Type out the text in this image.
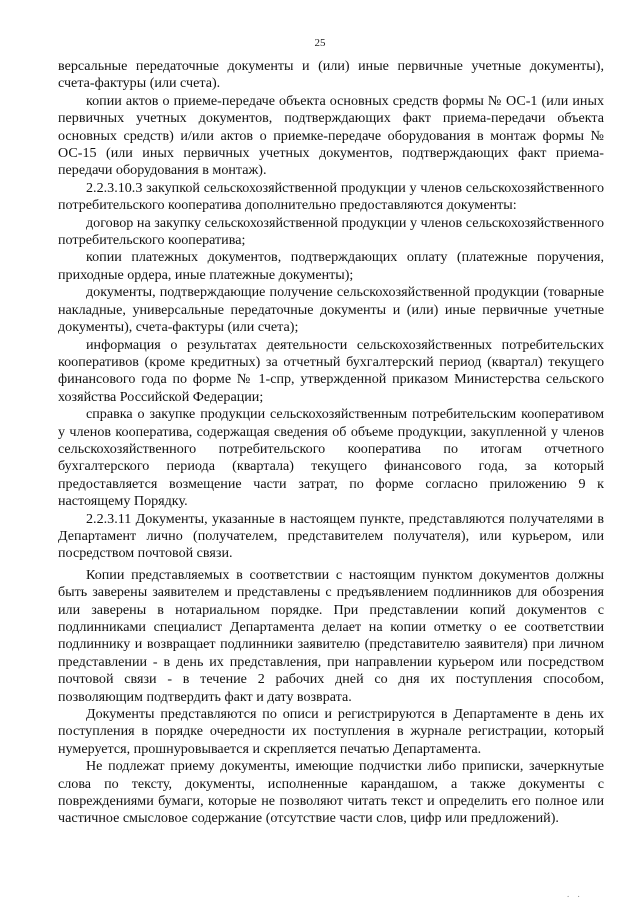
25

версальные передаточные документы и (или) иные первичные учетные документы), счета-фактуры (или счета).

копии актов о приеме-передаче объекта основных средств формы № ОС-1 (или иных первичных учетных документов, подтверждающих факт приема-передачи объекта основных средств) и/или актов о приемке-передаче оборудования в монтаж формы № ОС-15 (или иных первичных учетных документов, подтверждающих факт приема-передачи оборудования в монтаж).

2.2.3.10.3 закупкой сельскохозяйственной продукции у членов сельскохозяйственного потребительского кооператива дополнительно предоставляются документы:

договор на закупку сельскохозяйственной продукции у членов сельскохозяйственного потребительского кооператива;

копии платежных документов, подтверждающих оплату (платежные поручения, приходные ордера, иные платежные документы);

документы, подтверждающие получение сельскохозяйственной продукции (товарные накладные, универсальные передаточные документы и (или) иные первичные учетные документы), счета-фактуры (или счета);

информация о результатах деятельности сельскохозяйственных потребительских кооперативов (кроме кредитных) за отчетный бухгалтерский период (квартал) текущего финансового года по форме № 1-спр, утвержденной приказом Министерства сельского хозяйства Российской Федерации;

справка о закупке продукции сельскохозяйственным потребительским кооперативом у членов кооператива, содержащая сведения об объеме продукции, закупленной у членов сельскохозяйственного потребительского кооператива по итогам отчетного бухгалтерского периода (квартала) текущего финансового года, за который предоставляется возмещение части затрат, по форме согласно приложению 9 к настоящему Порядку.

2.2.3.11 Документы, указанные в настоящем пункте, представляются получателями в Департамент лично (получателем, представителем получателя), или курьером, или посредством почтовой связи.

Копии представляемых в соответствии с настоящим пунктом документов должны быть заверены заявителем и представлены с предъявлением подлинников для обозрения или заверены в нотариальном порядке. При представлении копий документов с подлинниками специалист Департамента делает на копии отметку о ее соответствии подлиннику и возвращает подлинники заявителю (представителю заявителя) при личном представлении - в день их представления, при направлении курьером или посредством почтовой связи - в течение 2 рабочих дней со дня их поступления способом, позволяющим подтвердить факт и дату возврата.

Документы представляются по описи и регистрируются в Департаменте в день их поступления в порядке очередности их поступления в журнале регистрации, который нумеруется, прошнуровывается и скрепляется печатью Департамента.

Не подлежат приему документы, имеющие подчистки либо приписки, зачеркнутые слова по тексту, документы, исполненные карандашом, а также документы с повреждениями бумаги, которые не позволяют читать текст и определить его полное или частичное смысловое содержание (отсутствие части слов, цифр или предложений).

. .
